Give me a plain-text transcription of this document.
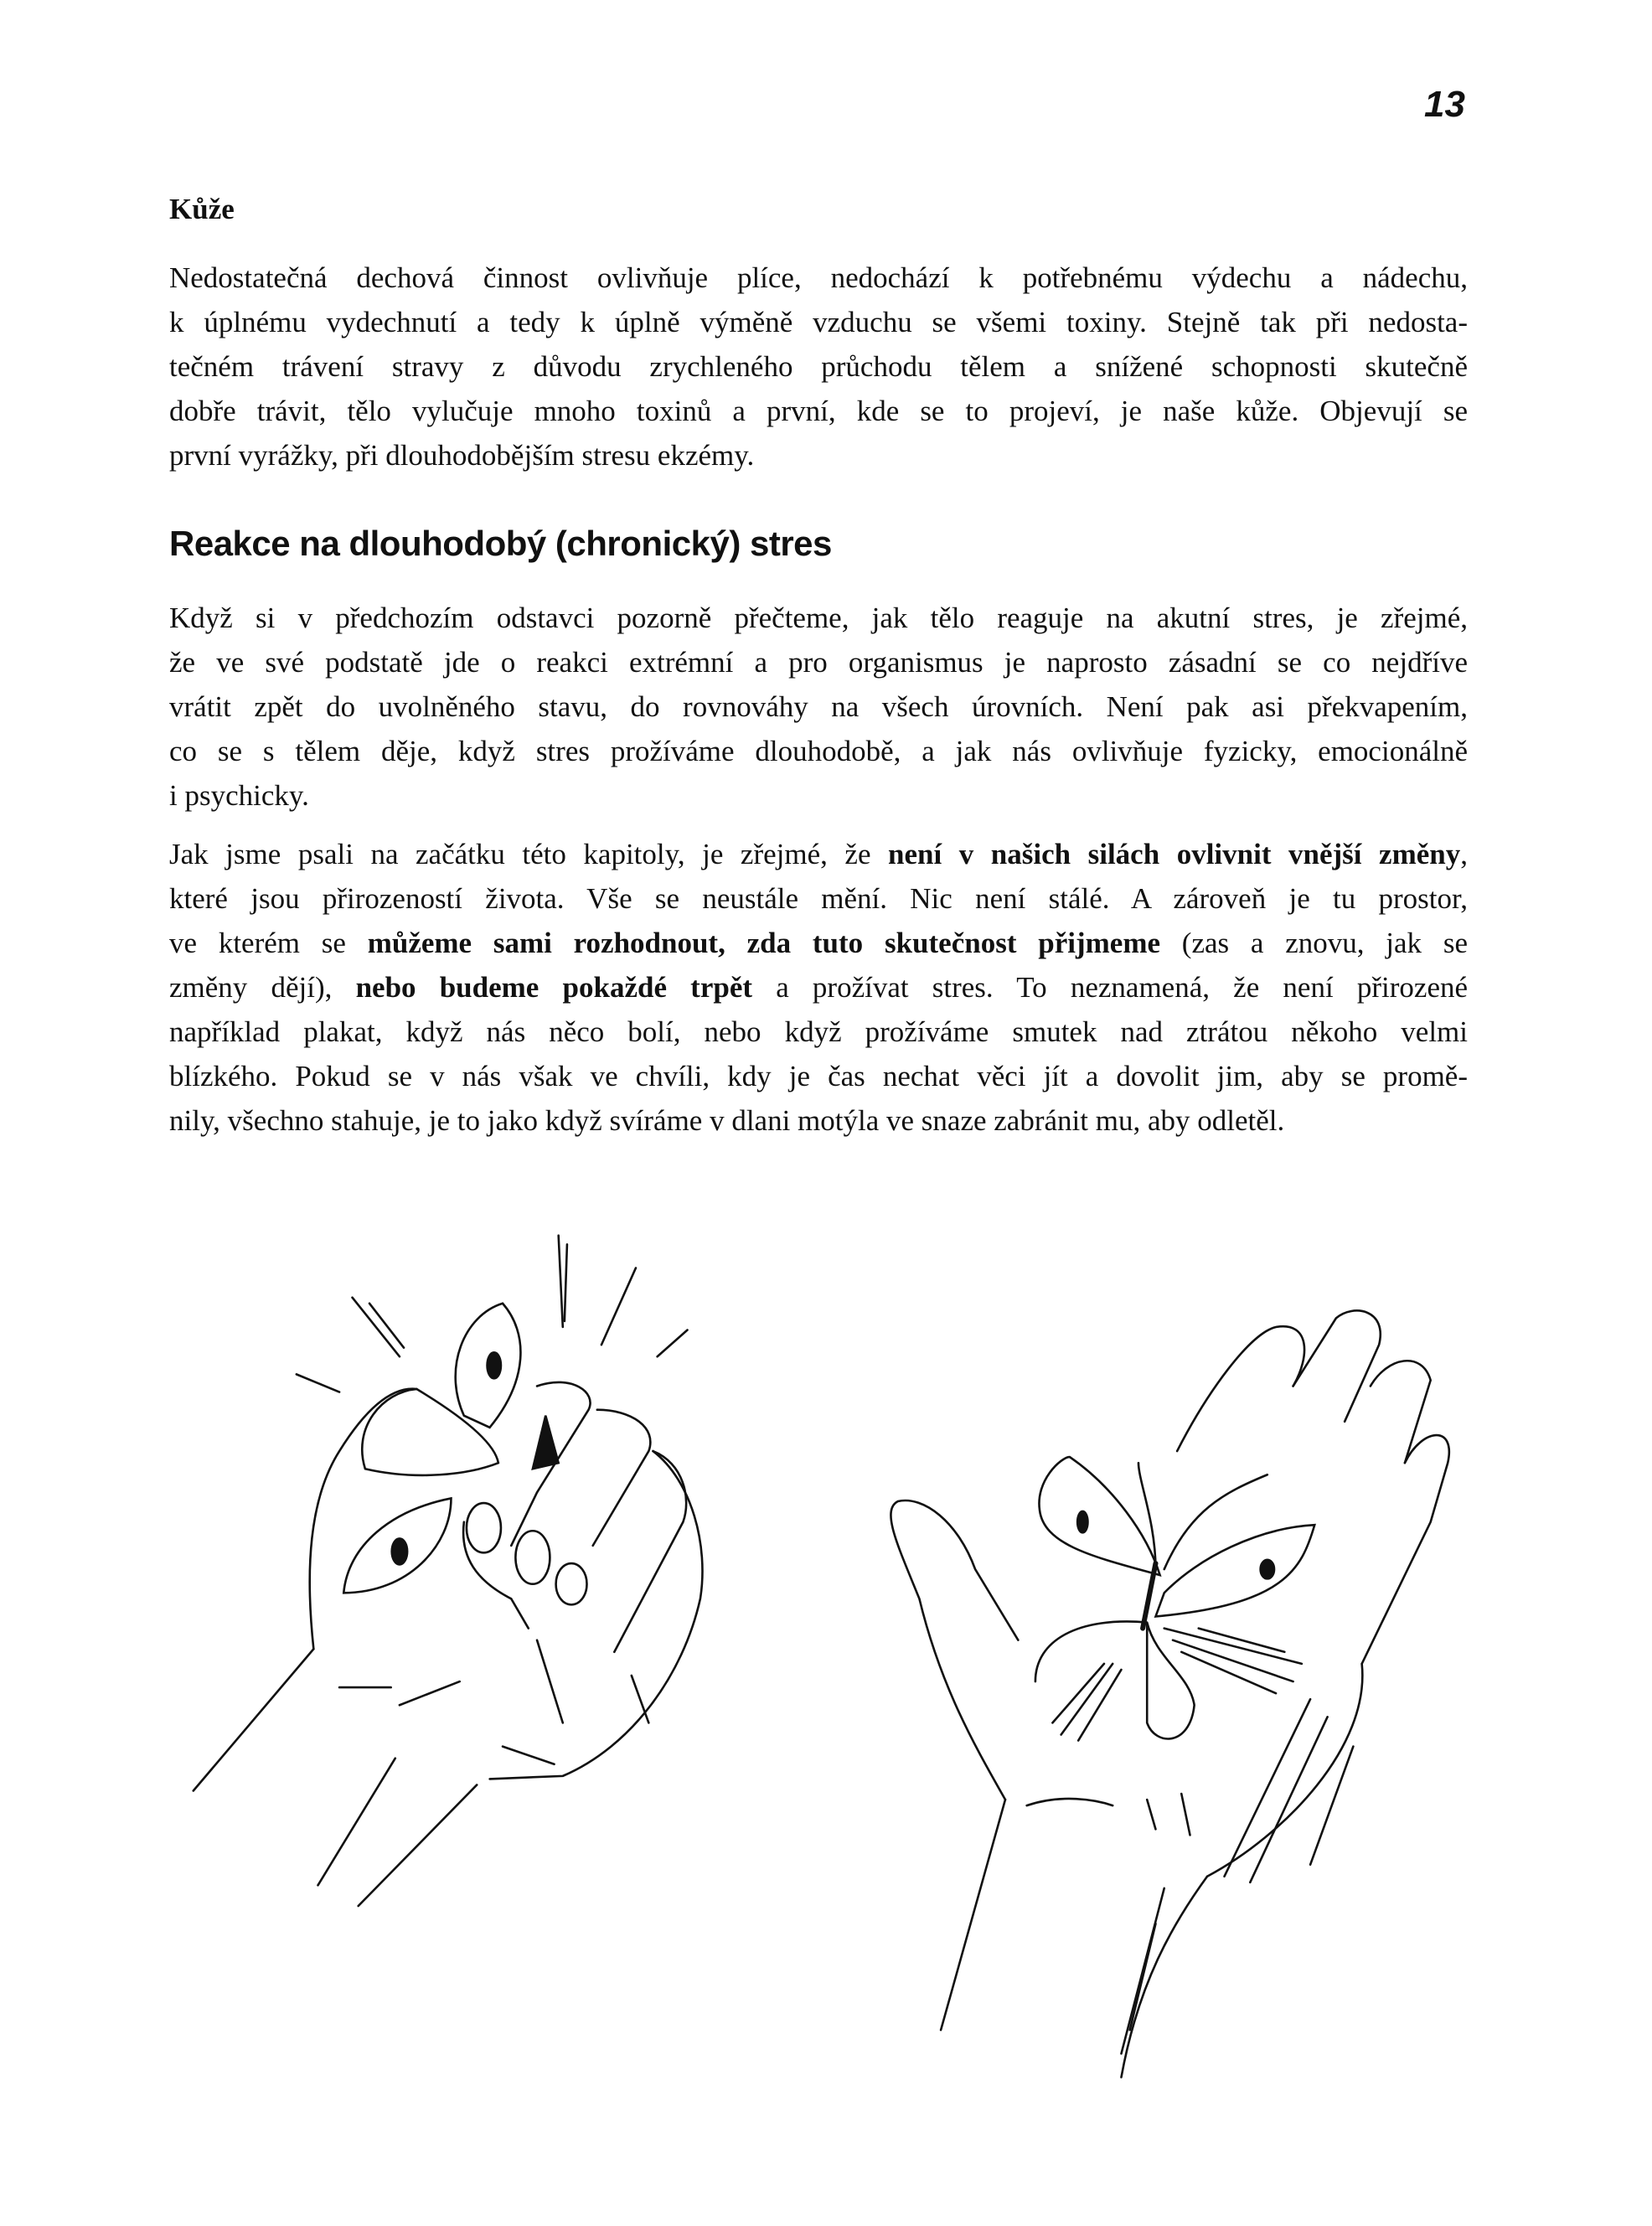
13
Kůže
Nedostatečná dechová činnost ovlivňuje plíce, nedochází k potřebnému výdechu a nádechu,
k úplnému vydechnutí a tedy k úplně výměně vzduchu se všemi toxiny. Stejně tak při nedosta-
tečném trávení stravy z důvodu zrychleného průchodu tělem a snížené schopnosti skutečně
dobře trávit, tělo vylučuje mnoho toxinů a první, kde se to projeví, je naše kůže. Objevují se
první vyrážky, při dlouhodobějším stresu ekzémy.
Reakce na dlouhodobý (chronický) stres
Když si v předchozím odstavci pozorně přečteme, jak tělo reaguje na akutní stres, je zřejmé,
že ve své podstatě jde o reakci extrémní a pro organismus je naprosto zásadní se co nejdříve
vrátit zpět do uvolněného stavu, do rovnováhy na všech úrovních. Není pak asi překvapením,
co se s tělem děje, když stres prožíváme dlouhodobě, a jak nás ovlivňuje fyzicky, emocionálně
i psychicky.
Jak jsme psali na začátku této kapitoly, je zřejmé, že není v našich silách ovlivnit vnější změny,
které jsou přirozeností života. Vše se neustále mění. Nic není stálé. A zároveň je tu prostor,
ve kterém se můžeme sami rozhodnout, zda tuto skutečnost přijmeme (zas a znovu, jak se
změny dějí), nebo budeme pokaždé trpět a prožívat stres. To neznamená, že není přirozené
například plakat, když nás něco bolí, nebo když prožíváme smutek nad ztrátou někoho velmi
blízkého. Pokud se v nás však ve chvíli, kdy je čas nechat věci jít a dovolit jim, aby se promě-
nily, všechno stahuje, je to jako když svíráme v dlani motýla ve snaze zabránit mu, aby odletěl.
